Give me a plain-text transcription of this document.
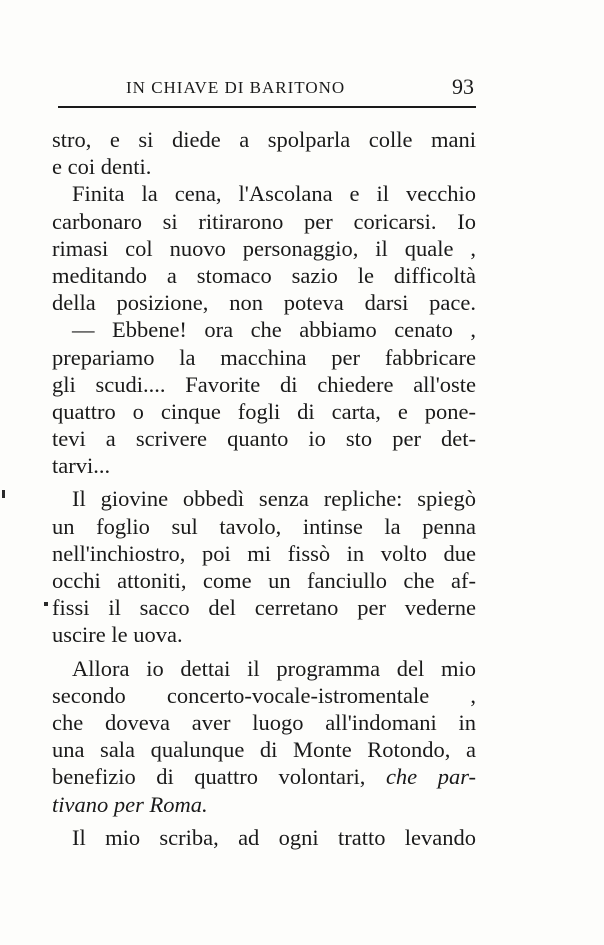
IN CHIAVE DI BARITONO	93
stro, e si diede a spolparla colle mani
e coi denti.
Finita la cena, l'Ascolana e il vecchio
carbonaro si ritirarono per coricarsi. Io
rimasi col nuovo personaggio, il quale ,
meditando a stomaco sazio le difficoltà
della posizione, non poteva darsi pace.
— Ebbene! ora che abbiamo cenato ,
prepariamo la macchina per fabbricare
gli scudi.... Favorite di chiedere all'oste
quattro o cinque fogli di carta, e pone-
tevi a scrivere quanto io sto per det-
tarvi...
Il giovine obbedì senza repliche: spiegò
un foglio sul tavolo, intinse la penna
nell'inchiostro, poi mi fissò in volto due
occhi attoniti, come un fanciullo che af-
fissi il sacco del cerretano per vederne
uscire le uova.
Allora io dettai il programma del mio
secondo concerto-vocale-istromentale ,
che doveva aver luogo all'indomani in
una sala qualunque di Monte Rotondo, a
benefizio di quattro volontari, che par-
tivano per Roma.
Il mio scriba, ad ogni tratto levando
